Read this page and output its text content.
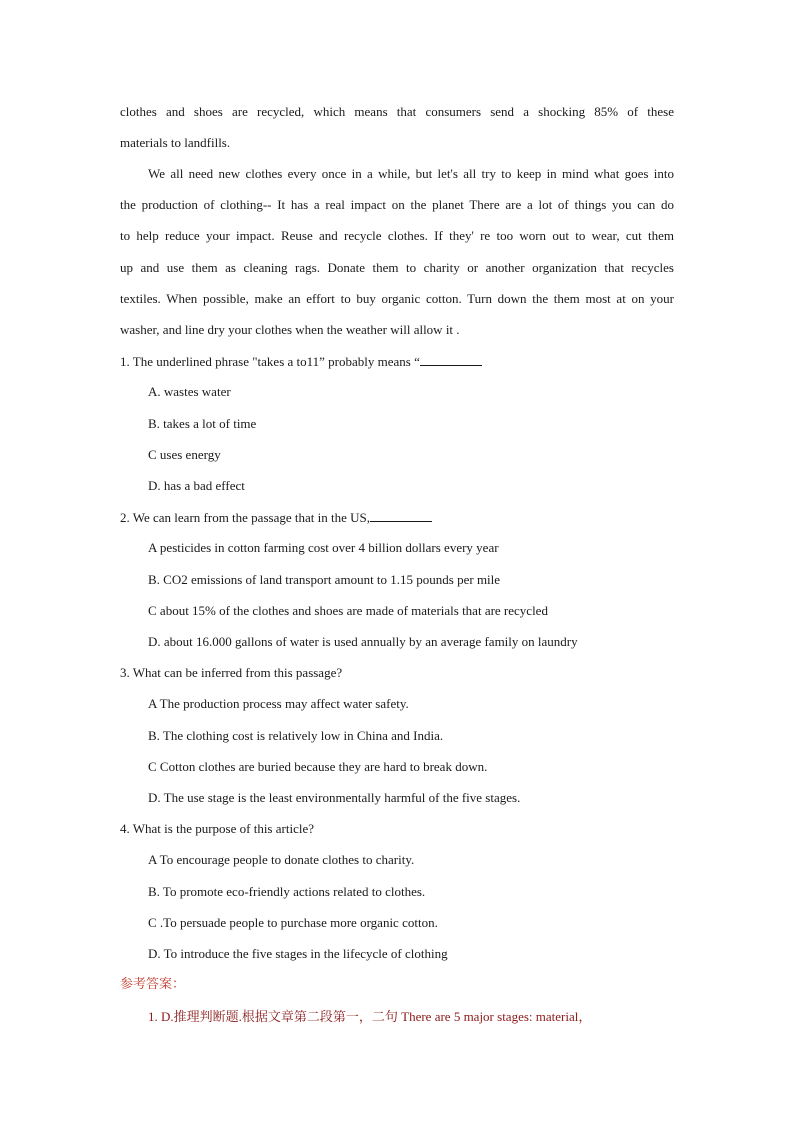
clothes and shoes are recycled, which means that consumers send a shocking 85% of these
materials to landfills.
We all need new clothes every once in a while, but let's all try to keep in mind what goes into
the production of clothing-- It has a real impact on the planet There are a lot of things you can do
to help reduce your impact. Reuse and recycle clothes. If they' re too worn out to wear, cut them
up and use them as cleaning rags. Donate them to charity or another organization that recycles
textiles. When possible, make an effort to buy organic cotton. Turn down the them most at on your
washer, and line dry your clothes when the weather will allow it .
1. The underlined phrase "takes a to11” probably means “
A. wastes water
B. takes a lot of time
C uses energy
D. has a bad effect
2. We can learn from the passage that in the US,
A pesticides in cotton farming cost over 4 billion dollars every year
B. CO2 emissions of land transport amount to 1.15 pounds per mile
C about 15% of the clothes and shoes are made of materials that are recycled
D. about 16.000 gallons of water is used annually by an average family on laundry
3. What can be inferred from this passage?
A The production process may affect water safety.
B. The clothing cost is relatively low in China and India.
C Cotton clothes are buried because they are hard to break down.
D. The use stage is the least environmentally harmful of the five stages.
4. What is the purpose of this article?
A To encourage people to donate clothes to charity.
B. To promote eco-friendly actions related to clothes.
C .To persuade people to purchase more organic cotton.
D. To introduce the five stages in the lifecycle of clothing
参考答案：
1. D.推理判断题.根据文章第二段第一，二句 There are 5 major stages: material，
